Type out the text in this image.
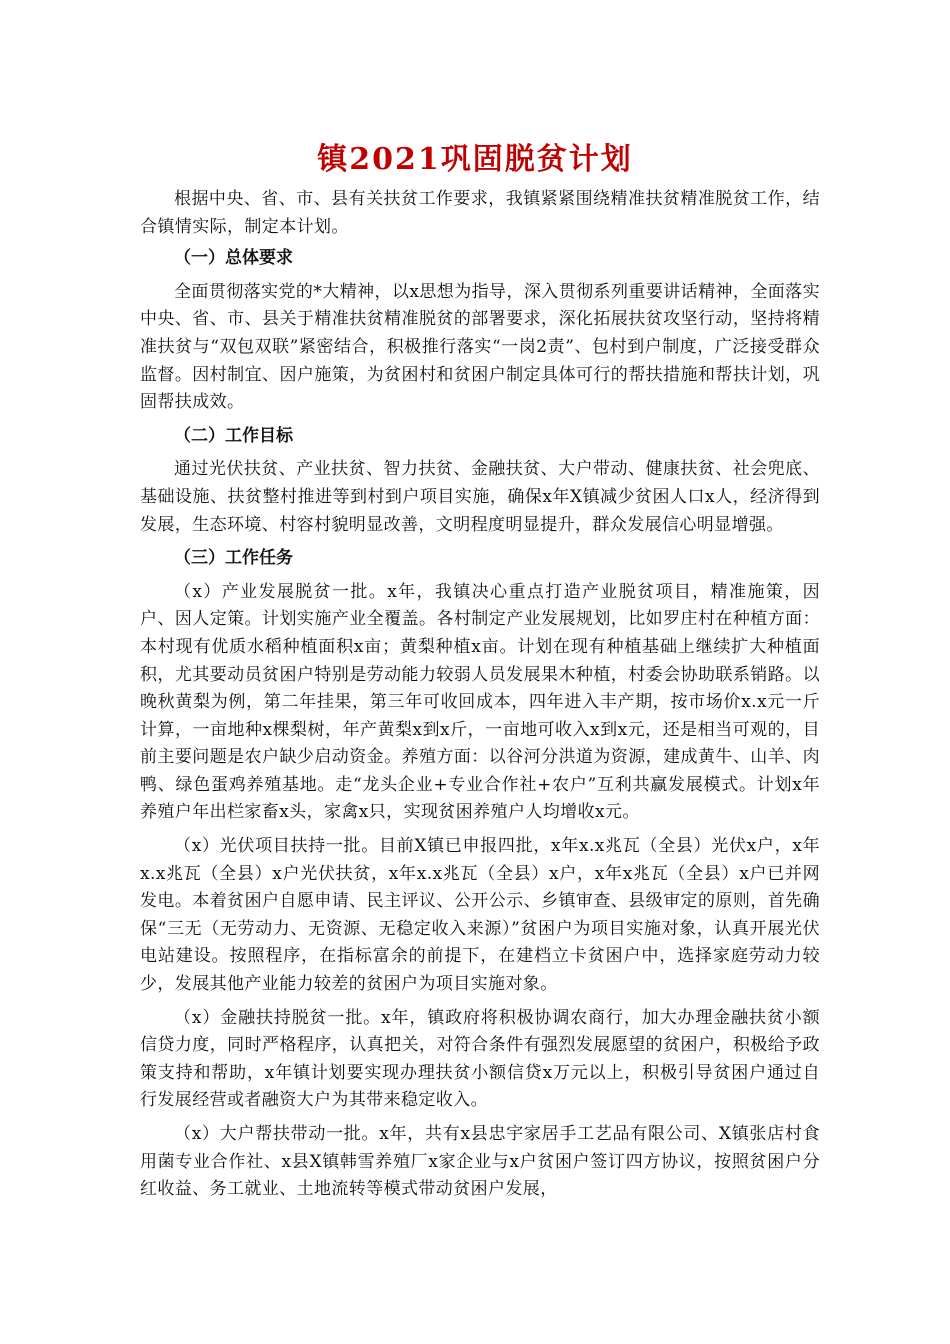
镇2021巩固脱贫计划

根据中央、省、市、县有关扶贫工作要求，我镇紧紧围绕精准扶贫精准脱贫工作，结合镇情实际，制定本计划。

（一）总体要求

全面贯彻落实党的*大精神，以x思想为指导，深入贯彻系列重要讲话精神，全面落实中央、省、市、县关于精准扶贫精准脱贫的部署要求，深化拓展扶贫攻坚行动，坚持将精准扶贫与“双包双联”紧密结合，积极推行落实“一岗2责”、包村到户制度，广泛接受群众监督。因村制宜、因户施策，为贫困村和贫困户制定具体可行的帮扶措施和帮扶计划，巩固帮扶成效。

（二）工作目标

通过光伏扶贫、产业扶贫、智力扶贫、金融扶贫、大户带动、健康扶贫、社会兜底、基础设施、扶贫整村推进等到村到户项目实施，确保x年X镇减少贫困人口x人，经济得到发展，生态环境、村容村貌明显改善，文明程度明显提升，群众发展信心明显增强。

（三）工作任务

（x）产业发展脱贫一批。x年，我镇决心重点打造产业脱贫项目，精准施策，因户、因人定策。计划实施产业全覆盖。各村制定产业发展规划，比如罗庄村在种植方面：本村现有优质水稻种植面积x亩；黄梨种植x亩。计划在现有种植基础上继续扩大种植面积，尤其要动员贫困户特别是劳动能力较弱人员发展果木种植，村委会协助联系销路。以晚秋黄梨为例，第二年挂果，第三年可收回成本，四年进入丰产期，按市场价x.x元一斤计算，一亩地种x棵梨树，年产黄梨x到x斤，一亩地可收入x到x元，还是相当可观的，目前主要问题是农户缺少启动资金。养殖方面：以谷河分洪道为资源，建成黄牛、山羊、肉鸭、绿色蛋鸡养殖基地。走“龙头企业+专业合作社+农户”互利共赢发展模式。计划x年养殖户年出栏家畜x头，家禽x只，实现贫困养殖户人均增收x元。

（x）光伏项目扶持一批。目前X镇已申报四批，x年x.x兆瓦（全县）光伏x户，x年x.x兆瓦（全县）x户光伏扶贫，x年x.x兆瓦（全县）x户，x年x兆瓦（全县）x户已并网发电。本着贫困户自愿申请、民主评议、公开公示、乡镇审查、县级审定的原则，首先确保“三无（无劳动力、无资源、无稳定收入来源）”贫困户为项目实施对象，认真开展光伏电站建设。按照程序，在指标富余的前提下，在建档立卡贫困户中，选择家庭劳动力较少，发展其他产业能力较差的贫困户为项目实施对象。

（x）金融扶持脱贫一批。x年，镇政府将积极协调农商行，加大办理金融扶贫小额信贷力度，同时严格程序，认真把关，对符合条件有强烈发展愿望的贫困户，积极给予政策支持和帮助，x年镇计划要实现办理扶贫小额信贷x万元以上，积极引导贫困户通过自行发展经营或者融资大户为其带来稳定收入。

（x）大户帮扶带动一批。x年，共有x县忠宇家居手工艺品有限公司、X镇张店村食用菌专业合作社、x县X镇韩雪养殖厂x家企业与x户贫困户签订四方协议，按照贫困户分红收益、务工就业、土地流转等模式带动贫困户发展，
